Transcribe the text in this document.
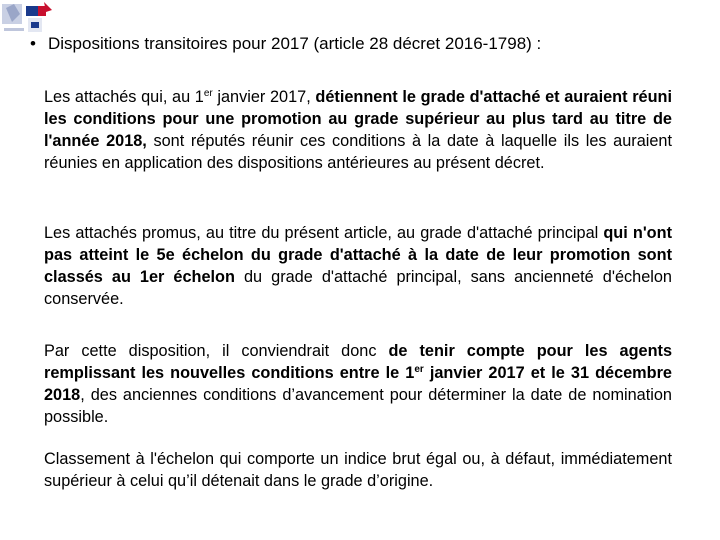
• Dispositions transitoires pour 2017 (article 28 décret 2016-1798) :
Les attachés qui, au 1er janvier 2017, détiennent le grade d'attaché et auraient réuni les conditions pour une promotion au grade supérieur au plus tard au titre de l'année 2018, sont réputés réunir ces conditions à la date à laquelle ils les auraient réunies en application des dispositions antérieures au présent décret.
Les attachés promus, au titre du présent article, au grade d'attaché principal qui n'ont pas atteint le 5e échelon du grade d'attaché à la date de leur promotion sont classés au 1er échelon du grade d'attaché principal, sans ancienneté d'échelon conservée.
Par cette disposition, il conviendrait donc de tenir compte pour les agents remplissant les nouvelles conditions entre le 1er janvier 2017 et le 31 décembre 2018, des anciennes conditions d’avancement pour déterminer la date de nomination possible.
Classement à l'échelon qui comporte un indice brut égal ou, à défaut, immédiatement supérieur à celui qu’il détenait dans le grade d’origine.
